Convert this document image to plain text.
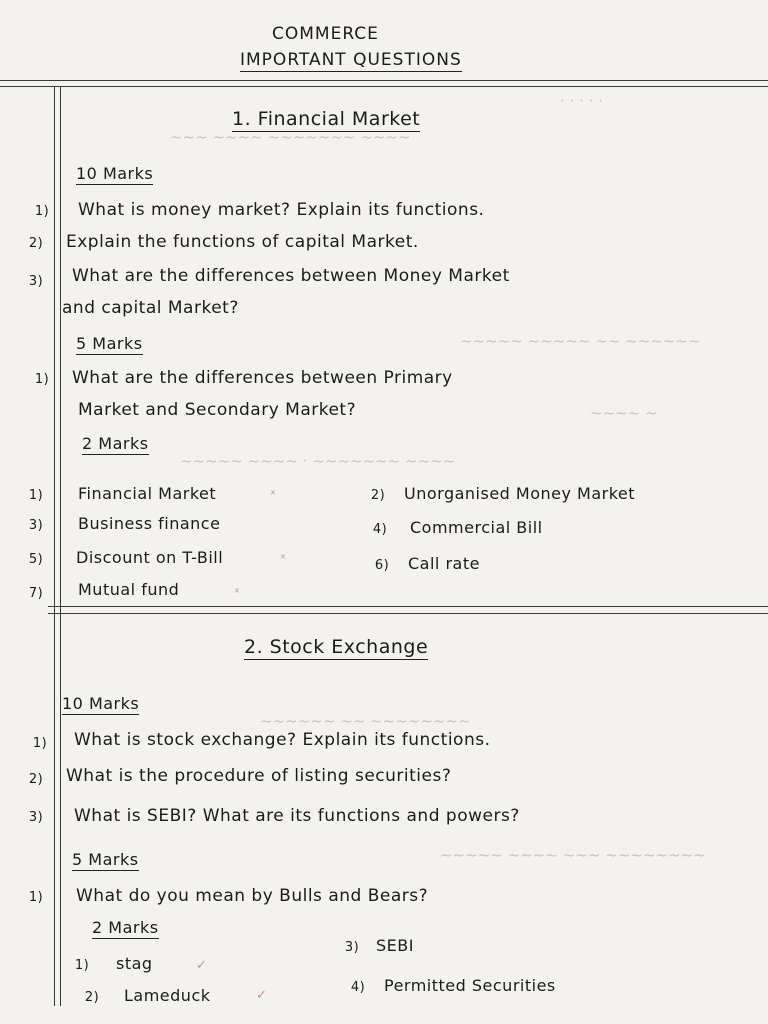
· · · · ·
~~~ ~~~~ ~~~~~~~ ~~~~
~~~~~ ~~~~~ ~~ ~~~~~~
~~~~ ~
~~~~~ ~~~~ · ~~~~~~~ ~~~~
~~~~~~ ~~ ~~~~~~~~
~~~~~ ~~~~ ~~~ ~~~~~~~~
COMMERCE
IMPORTANT QUESTIONS
1. Financial Market
10 Marks
1) What is money market? Explain its functions.
2) Explain the functions of capital Market.
3) What are the differences between Money Market
and capital Market?
5 Marks
1) What are the differences between Primary
Market and Secondary Market?
2 Marks
1)	Financial Market	ˣ	2)	Unorganised Money Market
3)	Business finance	4)	Commercial Bill
5)	Discount on T-Bill	ˣ	6)	Call rate
7)	Mutual fund	ˣ
2. Stock Exchange
10 Marks
1) What is stock exchange? Explain its functions.
2) What is the procedure of listing securities?
3) What is SEBI? What are its functions and powers?
5 Marks
1) What do you mean by Bulls and Bears?
2 Marks
1)	stag	✓
3)	SEBI
2)	Lameduck	✓
4)	Permitted Securities
